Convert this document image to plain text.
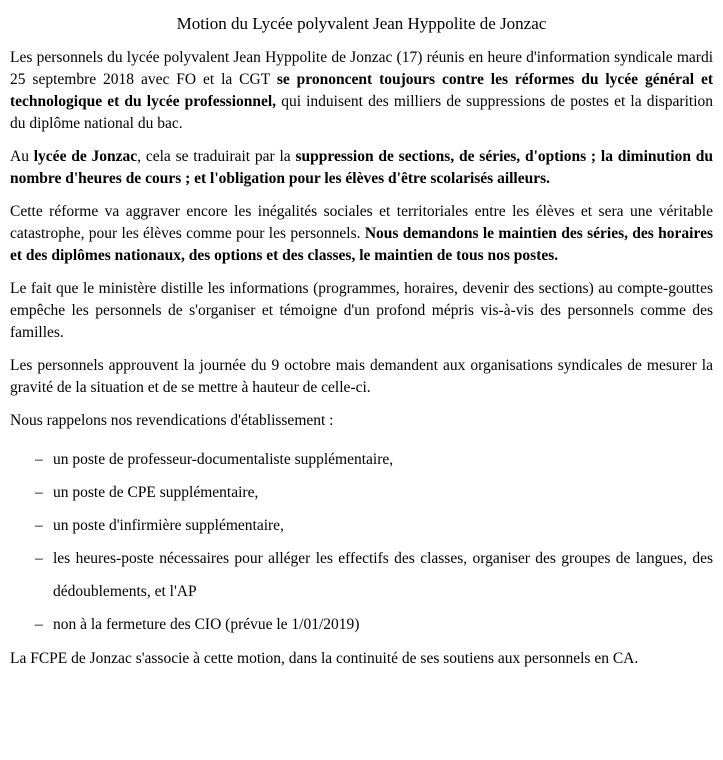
Motion du Lycée polyvalent Jean Hyppolite de Jonzac

Les personnels du lycée polyvalent Jean Hyppolite de Jonzac (17) réunis en heure d'information syndicale mardi 25 septembre 2018 avec FO et la CGT se prononcent toujours contre les réformes du lycée général et technologique et du lycée professionnel, qui induisent des milliers de suppressions de postes et la disparition du diplôme national du bac.

Au lycée de Jonzac, cela se traduirait par la suppression de sections, de séries, d'options ; la diminution du nombre d'heures de cours ; et l'obligation pour les élèves d'être scolarisés ailleurs.

Cette réforme va aggraver encore les inégalités sociales et territoriales entre les élèves et sera une véritable catastrophe, pour les élèves comme pour les personnels. Nous demandons le maintien des séries, des horaires et des diplômes nationaux, des options et des classes, le maintien de tous nos postes.

Le fait que le ministère distille les informations (programmes, horaires, devenir des sections) au compte-gouttes empêche les personnels de s'organiser et témoigne d'un profond mépris vis-à-vis des personnels comme des familles.

Les personnels approuvent la journée du 9 octobre mais demandent aux organisations syndicales de mesurer la gravité de la situation et de se mettre à hauteur de celle-ci.

Nous rappelons nos revendications d'établissement :

– un poste de professeur-documentaliste supplémentaire,
– un poste de CPE supplémentaire,
– un poste d'infirmière supplémentaire,
– les heures-poste nécessaires pour alléger les effectifs des classes, organiser des groupes de langues, des dédoublements, et l'AP
– non à la fermeture des CIO (prévue le 1/01/2019)

La FCPE de Jonzac s'associe à cette motion, dans la continuité de ses soutiens aux personnels en CA.
